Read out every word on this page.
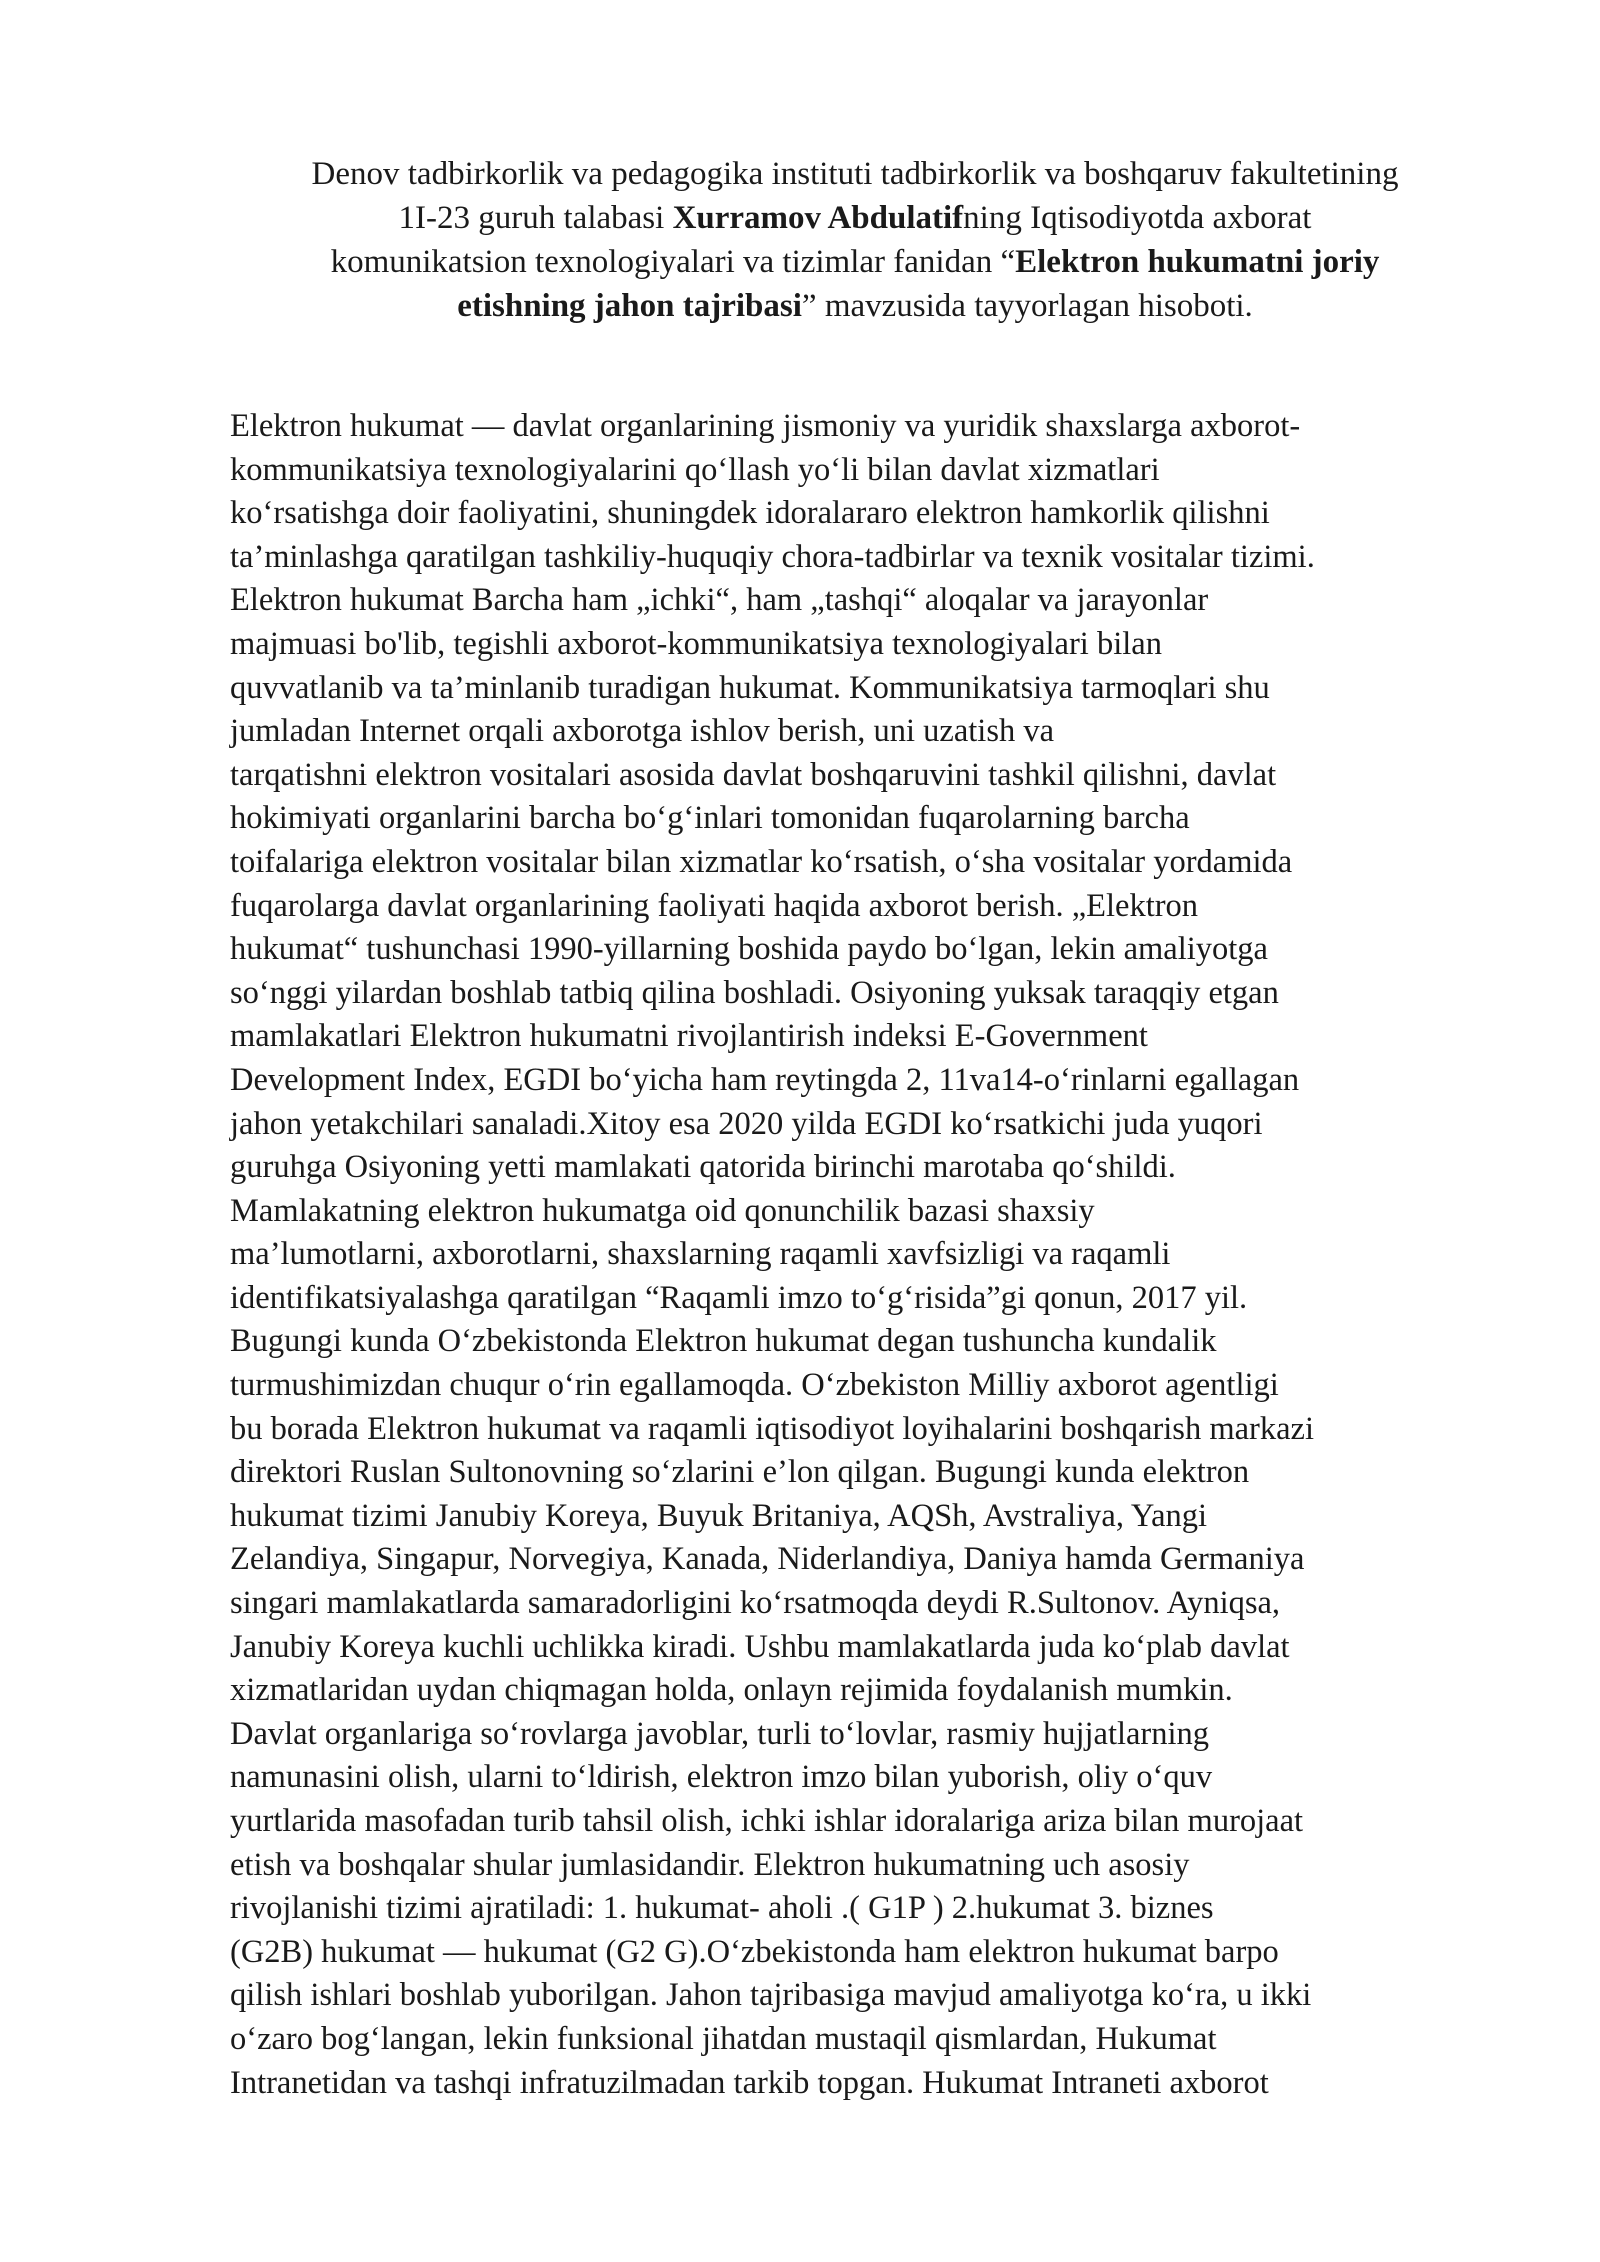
Denov tadbirkorlik va pedagogika instituti tadbirkorlik va boshqaruv fakultetining
1I-23 guruh talabasi Xurramov Abdulatifning Iqtisodiyotda axborat
komunikatsion texnologiyalari va tizimlar fanidan “Elektron hukumatni joriy
etishning jahon tajribasi” mavzusida tayyorlagan hisoboti.
Elektron hukumat — davlat organlarining jismoniy va yuridik shaxslarga axborot-
kommunikatsiya texnologiyalarini qo‘llash yo‘li bilan davlat xizmatlari
ko‘rsatishga doir faoliyatini, shuningdek idoralararo elektron hamkorlik qilishni
ta’minlashga qaratilgan tashkiliy-huquqiy chora-tadbirlar va texnik vositalar tizimi.
Elektron hukumat Barcha ham „ichki“, ham „tashqi“ aloqalar va jarayonlar
majmuasi bo'lib, tegishli axborot-kommunikatsiya texnologiyalari bilan
quvvatlanib va ta’minlanib turadigan hukumat. Kommunikatsiya tarmoqlari shu
jumladan Internet orqali axborotga ishlov berish, uni uzatish va
tarqatishni elektron vositalari asosida davlat boshqaruvini tashkil qilishni, davlat
hokimiyati organlarini barcha bo‘g‘inlari tomonidan fuqarolarning barcha
toifalariga elektron vositalar bilan xizmatlar ko‘rsatish, o‘sha vositalar yordamida
fuqarolarga davlat organlarining faoliyati haqida axborot berish. „Elektron
hukumat“ tushunchasi 1990-yillarning boshida paydo bo‘lgan, lekin amaliyotga
so‘nggi yilardan boshlab tatbiq qilina boshladi. Osiyoning yuksak taraqqiy etgan
mamlakatlari Elektron hukumatni rivojlantirish indeksi E-Government
Development Index, EGDI bo‘yicha ham reytingda 2, 11va14-o‘rinlarni egallagan
jahon yetakchilari sanaladi.Xitoy esa 2020 yilda EGDI ko‘rsatkichi juda yuqori
guruhga Osiyoning yetti mamlakati qatorida birinchi marotaba qo‘shildi.
Mamlakatning elektron hukumatga oid qonunchilik bazasi shaxsiy
ma’lumotlarni, axborotlarni, shaxslarning raqamli xavfsizligi va raqamli
identifikatsiyalashga qaratilgan “Raqamli imzo to‘g‘risida”gi qonun, 2017 yil.
Bugungi kunda O‘zbekistonda Elektron hukumat degan tushuncha kundalik
turmushimizdan chuqur o‘rin egallamoqda. O‘zbekiston Milliy axborot agentligi
bu borada Elektron hukumat va raqamli iqtisodiyot loyihalarini boshqarish markazi
direktori Ruslan Sultonovning so‘zlarini e’lon qilgan. Bugungi kunda elektron
hukumat tizimi Janubiy Koreya, Buyuk Britaniya, AQSh, Avstraliya, Yangi
Zelandiya, Singapur, Norvegiya, Kanada, Niderlandiya, Daniya hamda Germaniya
singari mamlakatlarda samaradorligini ko‘rsatmoqda deydi R.Sultonov. Ayniqsa,
Janubiy Koreya kuchli uchlikka kiradi. Ushbu mamlakatlarda juda ko‘plab davlat
xizmatlaridan uydan chiqmagan holda, onlayn rejimida foydalanish mumkin.
Davlat organlariga so‘rovlarga javoblar, turli to‘lovlar, rasmiy hujjatlarning
namunasini olish, ularni to‘ldirish, elektron imzo bilan yuborish, oliy o‘quv
yurtlarida masofadan turib tahsil olish, ichki ishlar idoralariga ariza bilan murojaat
etish va boshqalar shular jumlasidandir. Elektron hukumatning uch asosiy
rivojlanishi tizimi ajratiladi: 1. hukumat- aholi .( G1P ) 2.hukumat 3. biznes
(G2B) hukumat — hukumat (G2 G).O‘zbekistonda ham elektron hukumat barpo
qilish ishlari boshlab yuborilgan. Jahon tajribasiga mavjud amaliyotga ko‘ra, u ikki
o‘zaro bog‘langan, lekin funksional jihatdan mustaqil qismlardan, Hukumat
Intranetidan va tashqi infratuzilmadan tarkib topgan. Hukumat Intraneti axborot
